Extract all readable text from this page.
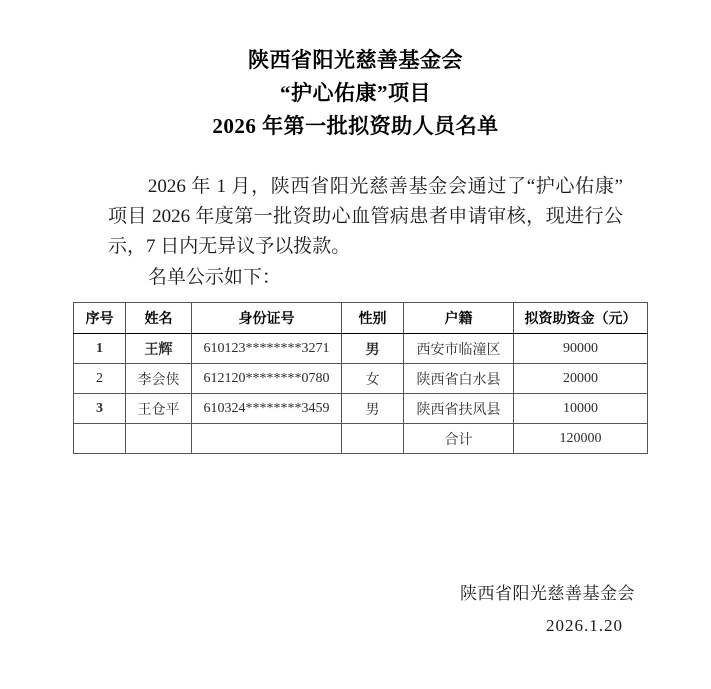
陕西省阳光慈善基金会
“护心佑康”项目
2026 年第一批拟资助人员名单

2026 年 1 月，陕西省阳光慈善基金会通过了“护心佑康”项目 2026 年度第一批资助心血管病患者申请审核，现进行公示，7 日内无异议予以拨款。

名单公示如下：

序号	姓名	身份证号	性别	户籍	拟资助资金（元）
1	王辉	610123********3271	男	西安市临潼区	90000
2	李会侠	612120********0780	女	陕西省白水县	20000
3	王仓平	610324********3459	男	陕西省扶风县	10000
				合计	120000
陕西省阳光慈善基金会
2026.1.20
